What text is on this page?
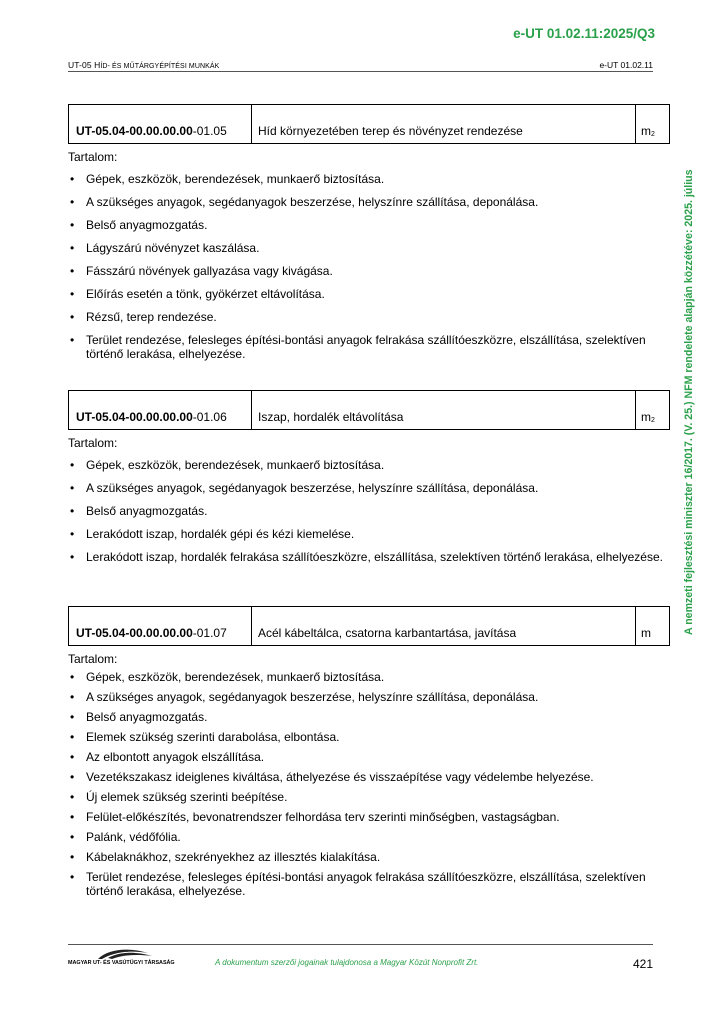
e-UT 01.02.11:2025/Q3
UT-05 HÍD- ÉS MŰTÁRGYÉPÍTÉSI MUNKÁK	e-UT 01.02.11
A nemzeti fejlesztési miniszter 16/2017. (V. 25.) NFM rendelete alapján közzétéve: 2025. július
UT-05.04-00.00.00.00 -01.05	Híd környezetében terep és növényzet rendezése	$m_2$
Tartalom:
• Gépek, eszközök, berendezések, munkaerő biztosítása.
• A szükséges anyagok, segédanyagok beszerzése, helyszínre szállítása, deponálása.
• Belső anyagmozgatás.
• Lágyszárú növényzet kaszálása.
• Fásszárú növények gallyazása vagy kivágása.
• Előírás esetén a tönk, gyökérzet eltávolítása.
• Rézsű, terep rendezése.
• Terület rendezése, felesleges építési-bontási anyagok felrakása szállítóeszközre, elszállítása, szelektíven történő lerakása, elhelyezése.
UT-05.04-00.00.00.00 -01.06	Iszap, hordalék eltávolítása	$m_2$
Tartalom:
• Gépek, eszközök, berendezések, munkaerő biztosítása.
• A szükséges anyagok, segédanyagok beszerzése, helyszínre szállítása, deponálása.
• Belső anyagmozgatás.
• Lerakódott iszap, hordalék gépi és kézi kiemelése.
• Lerakódott iszap, hordalék felrakása szállítóeszközre, elszállítása, szelektíven történő lerakása, elhelyezése.
UT-05.04-00.00.00.00 -01.07	Acél kábeltálca, csatorna karbantartása, javítása	m
Tartalom:
• Gépek, eszközök, berendezések, munkaerő biztosítása.
• A szükséges anyagok, segédanyagok beszerzése, helyszínre szállítása, deponálása.
• Belső anyagmozgatás.
• Elemek szükség szerinti darabolása, elbontása.
• Az elbontott anyagok elszállítása.
• Vezetékszakasz ideiglenes kiváltása, áthelyezése és visszaépítése vagy védelembe helyezése.
• Új elemek szükség szerinti beépítése.
• Felület-előkészítés, bevonatrendszer felhordása terv szerinti minőségben, vastagságban.
• Palánk, védőfólia.
• Kábelaknákhoz, szekrényekhez az illesztés kialakítása.
• Terület rendezése, felesleges építési-bontási anyagok felrakása szállítóeszközre, elszállítása, szelektíven történő lerakása, elhelyezése.
MAGYAR UT- ÉS VASÚTÜGYI TÁRSASÁG	A dokumentum szerzői jogainak tulajdonosa a Magyar Közút Nonprofit Zrt.	421
